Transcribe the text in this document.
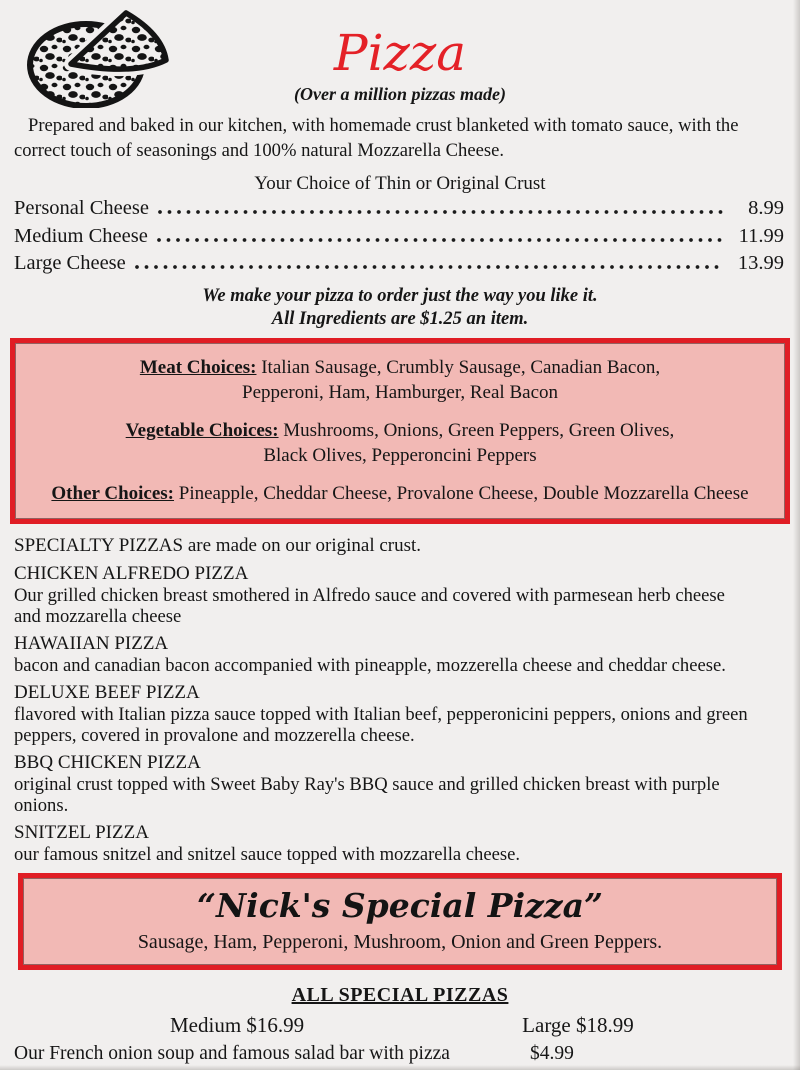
Pizza
(Over a million pizzas made)

Prepared and baked in our kitchen, with homemade crust blanketed with tomato sauce, with the
correct touch of seasonings and 100% natural Mozzarella Cheese.

Your Choice of Thin or Original Crust
Personal Cheese	8.99
Medium Cheese	11.99
Large Cheese	13.99
We make your pizza to order just the way you like it.
All Ingredients are $1.25 an item.

Meat Choices: Italian Sausage, Crumbly Sausage, Canadian Bacon,

Pepperoni, Ham, Hamburger, Real Bacon

Vegetable Choices: Mushrooms, Onions, Green Peppers, Green Olives,

Black Olives, Pepperoncini Peppers

Other Choices: Pineapple, Cheddar Cheese, Provalone Cheese, Double Mozzarella Cheese

SPECIALTY PIZZAS are made on our original crust.

CHICKEN ALFREDO PIZZA
Our grilled chicken breast smothered in Alfredo sauce and covered with parmesean herb cheese
and mozzarella cheese
HAWAIIAN PIZZA
bacon and canadian bacon accompanied with pineapple, mozzerella cheese and cheddar cheese.
DELUXE BEEF PIZZA
flavored with Italian pizza sauce topped with Italian beef, pepperonicini peppers, onions and green
peppers, covered in provalone and mozzerella cheese.
BBQ CHICKEN PIZZA
original crust topped with Sweet Baby Ray's BBQ sauce and grilled chicken breast with purple
onions.
SNITZEL PIZZA
our famous snitzel and snitzel sauce topped with mozzarella cheese.
“Nick's Special Pizza”
Sausage, Ham, Pepperoni, Mushroom, Onion and Green Peppers.
ALL SPECIAL PIZZAS
Medium $16.99	Large $18.99
Our French onion soup and famous salad bar with pizza	$4.99
